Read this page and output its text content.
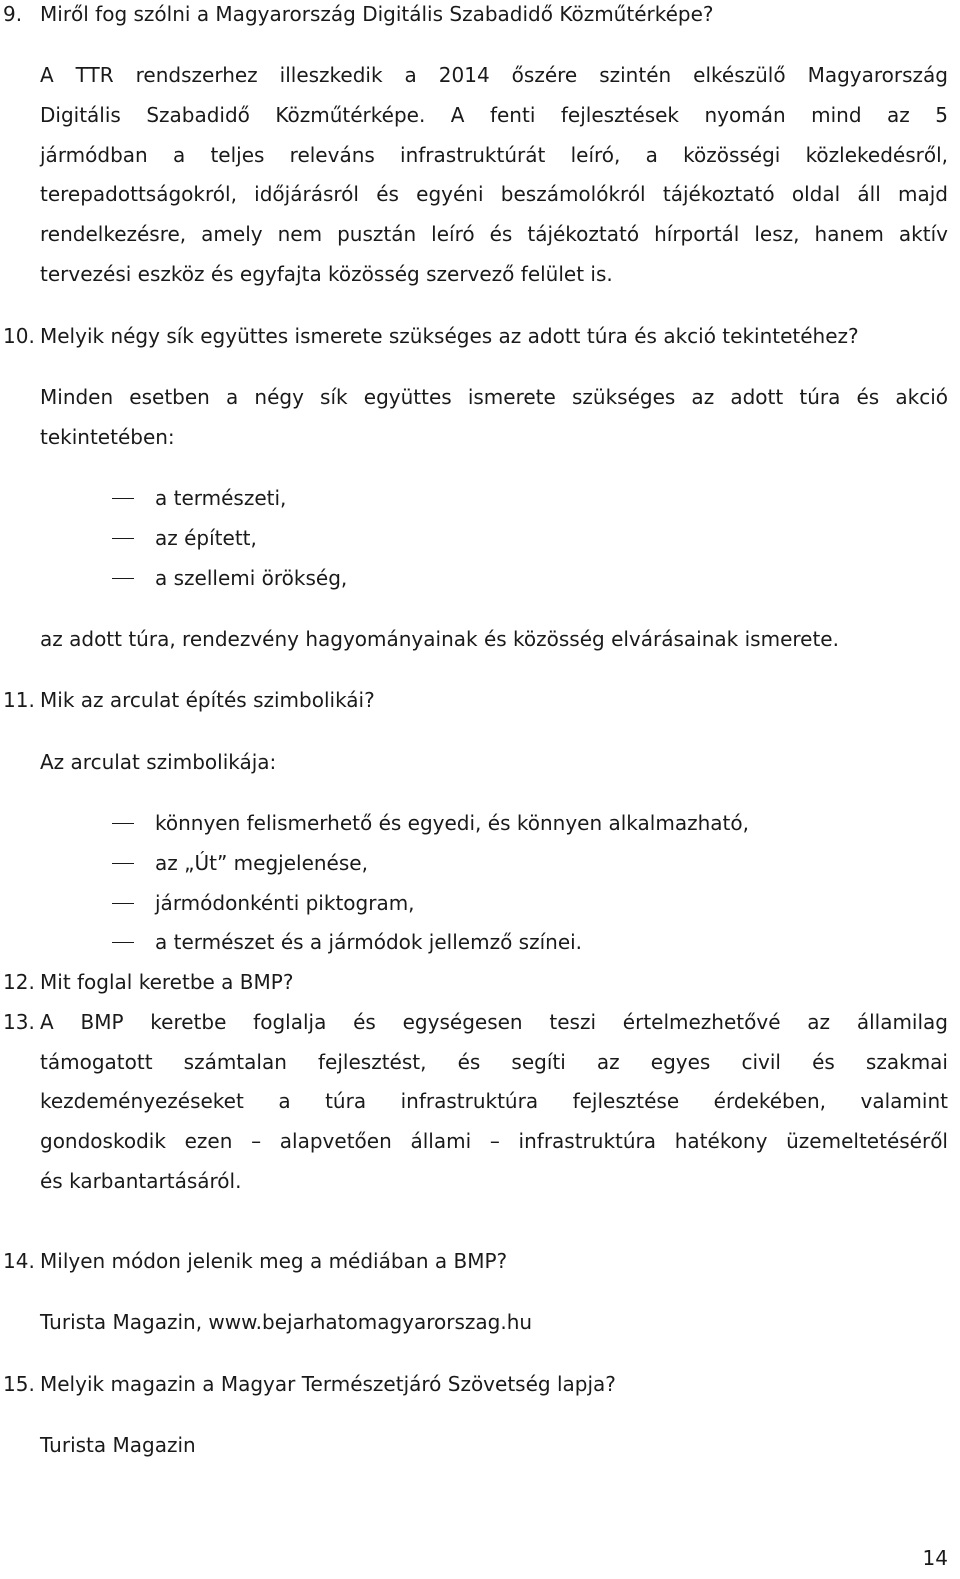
9. Miről fog szólni a Magyarország Digitális Szabadidő Közműtérképe?
A TTR rendszerhez illeszkedik a 2014 őszére szintén elkészülő Magyarország
Digitális Szabadidő Közműtérképe. A fenti fejlesztések nyomán mind az 5
jármódban a teljes releváns infrastruktúrát leíró, a közösségi közlekedésről,
terepadottságokról, időjárásról és egyéni beszámolókról tájékoztató oldal áll majd
rendelkezésre, amely nem pusztán leíró és tájékoztató hírportál lesz, hanem aktív
tervezési eszköz és egyfajta közösség szervező felület is.
10. Melyik négy sík együttes ismerete szükséges az adott túra és akció tekintetéhez?
Minden esetben a négy sík együttes ismerete szükséges az adott túra és akció
tekintetében:
a természeti,
az épített,
a szellemi örökség,
az adott túra, rendezvény hagyományainak és közösség elvárásainak ismerete.
11. Mik az arculat építés szimbolikái?
Az arculat szimbolikája:
könnyen felismerhető és egyedi, és könnyen alkalmazható,
az „Út” megjelenése,
jármódonkénti piktogram,
a természet és a jármódok jellemző színei.
12. Mit foglal keretbe a BMP?
13. A BMP keretbe foglalja és egységesen teszi értelmezhetővé az államilag
támogatott számtalan fejlesztést, és segíti az egyes civil és szakmai
kezdeményezéseket a túra infrastruktúra fejlesztése érdekében, valamint
gondoskodik ezen – alapvetően állami – infrastruktúra hatékony üzemeltetéséről
és karbantartásáról.
14. Milyen módon jelenik meg a médiában a BMP?
Turista Magazin, www.bejarhatomagyarorszag.hu
15. Melyik magazin a Magyar Természetjáró Szövetség lapja?
Turista Magazin
14
